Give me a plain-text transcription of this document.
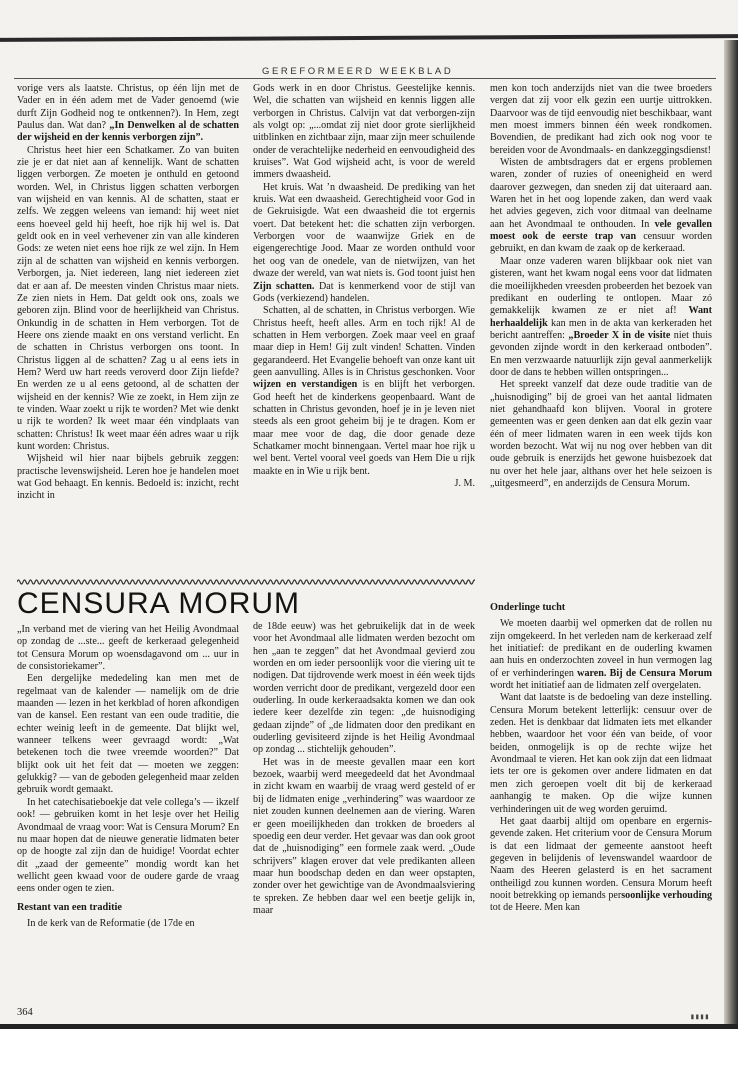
GEREFORMEERD WEEKBLAD

vorige vers als laatste. Christus, op één lijn met de Vader en in één adem met de Vader genoemd (wie durft Zijn Godheid nog te ontkennen?). In Hem, zegt Paulus dan. Wat dan? „In Denwelken al de schatten der wijsheid en der kennis verborgen zijn”.

Christus heet hier een Schatkamer. Zo van buiten zie je er dat niet aan af kennelijk. Want de schatten liggen verborgen. Ze moeten je onthuld en getoond worden. Wel, in Christus liggen schatten verborgen van wijsheid en van kennis. Al de schatten, staat er zelfs. We zeggen weleens van iemand: hij weet niet eens hoeveel geld hij heeft, hoe rijk hij wel is. Dat geldt ook en in veel verhevener zin van alle kinderen Gods: ze weten niet eens hoe rijk ze wel zijn. In Hem zijn al de schatten van wijsheid en kennis verborgen. Verborgen, ja. Niet iedereen, lang niet iedereen ziet dat er aan af. De meesten vinden Christus maar niets. Ze zien niets in Hem. Dat geldt ook ons, zoals we geboren zijn. Blind voor de heerlijkheid van Christus. Onkundig in de schatten in Hem verborgen. Tot de Heere ons ziende maakt en ons verstand verlicht. En de schatten in Christus verborgen ons toont. In Christus liggen al de schatten? Zag u al eens iets in Hem? Werd uw hart reeds veroverd door Zijn liefde? En werden ze u al eens getoond, al de schatten der wijsheid en der kennis? Wie ze zoekt, in Hem zijn ze te vinden. Waar zoekt u rijk te worden? Met wie denkt u rijk te worden? Ik weet maar één vindplaats van schatten: Christus! Ik weet maar één adres waar u rijk kunt worden: Christus.

Wijsheid wil hier naar bijbels gebruik zeggen: practische levenswijsheid. Leren hoe je handelen moet wat God behaagt. En kennis. Bedoeld is: inzicht, recht inzicht in

Gods werk in en door Christus. Geestelijke kennis. Wel, die schatten van wijsheid en kennis liggen alle verborgen in Christus. Calvijn vat dat verborgen-zijn als volgt op: „...omdat zij niet door grote sierlijkheid uitblinken en zichtbaar zijn, maar zijn meer schuilende onder de verachtelijke nederheid en eenvoudigheid des kruises”. Wat God wijsheid acht, is voor de wereld immers dwaasheid.

Het kruis. Wat ’n dwaasheid. De prediking van het kruis. Wat een dwaasheid. Gerechtigheid voor God in de Gekruisigde. Wat een dwaasheid die tot ergernis voert. Dat betekent het: die schatten zijn verborgen. Verborgen voor de waanwijze Griek en de eigengerechtige Jood. Maar ze worden onthuld voor het oog van de onedele, van de nietwijzen, van het dwaze der wereld, van wat niets is. God toont juist hen Zijn schatten. Dat is kenmerkend voor de stijl van Gods (verkiezend) handelen.

Schatten, al de schatten, in Christus verborgen. Wie Christus heeft, heeft alles. Arm en toch rijk! Al de schatten in Hem verborgen. Zoek maar veel en graaf maar diep in Hem! Gij zult vinden! Schatten. Vinden gegarandeerd. Het Evangelie behoeft van onze kant uit geen aanvulling. Alles is in Christus geschonken. Voor wijzen en verstandigen is en blijft het verborgen. God heeft het de kinderkens geopenbaard. Want de schatten in Christus gevonden, hoef je in je leven niet steeds als een groot geheim bij je te dragen. Kom er maar mee voor de dag, die door genade deze Schatkamer mocht binnengaan. Vertel maar hoe rijk u wel bent. Vertel vooral veel goeds van Hem Die u rijk maakte en in Wie u rijk bent.

J. M.

men kon toch anderzijds niet van die twee broeders vergen dat zij voor elk gezin een uurtje uittrokken. Daarvoor was de tijd eenvoudig niet beschikbaar, want men moest immers binnen één week rondkomen. Bovendien, de predikant had zich ook nog voor te bereiden voor de Avondmaals- en dankzeggingsdienst!

Wisten de ambtsdragers dat er ergens problemen waren, zonder of ruzies of oneenigheid en werd daarover gezwegen, dan sneden zij dat uiteraard aan. Waren het in het oog lopende zaken, dan werd vaak het advies gegeven, zich voor ditmaal van deelname aan het Avondmaal te onthouden. In vele gevallen moest ook de eerste trap van censuur worden gebruikt, en dan kwam de zaak op de kerkeraad.

Maar onze vaderen waren blijkbaar ook niet van gisteren, want het kwam nogal eens voor dat lidmaten die moeilijkheden vreesden probeerden het bezoek van predikant en ouderling te ontlopen. Maar zó gemakkelijk kwamen ze er niet af! Want herhaaldelijk kan men in de akta van kerkeraden het bericht aantreffen: „Broeder X in de visite niet thuis gevonden zijnde wordt in den kerkeraad ontboden”. En men verzwaarde natuurlijk zijn geval aanmerkelijk door de dans te hebben willen ontspringen...

Het spreekt vanzelf dat deze oude traditie van de „huisnodiging” bij de groei van het aantal lidmaten niet gehandhaafd kon blijven. Vooral in grotere gemeenten was er geen denken aan dat elk gezin vaar één of meer lidmaten waren in een week tijds kon worden bezocht. Wat wij nu nog over hebben van dit oude gebruik is enerzijds het gewone huisbezoek dat nu over het hele jaar, althans over het hele seizoen is „uitgesmeerd”, en anderzijds de Censura Morum.

CENSURA MORUM

„In verband met de viering van het Heilig Avondmaal op zondag de ...ste... geeft de kerkeraad gelegenheid tot Censura Morum op woensdagavond om ... uur in de consistoriekamer”.

Een dergelijke mededeling kan men met de regelmaat van de kalender — namelijk om de drie maanden — lezen in het kerkblad of horen afkondigen van de kansel. Een restant van een oude traditie, die echter weinig leeft in de gemeente. Dat blijkt wel, wanneer telkens weer gevraagd wordt: „Wat betekenen toch die twee vreemde woorden?” Dat blijkt ook uit het feit dat — moeten we zeggen: gelukkig? — van de geboden gelegenheid maar zelden gebruik wordt gemaakt.

In het catechisatieboekje dat vele collega’s — ikzelf ook! — gebruiken komt in het lesje over het Heilig Avondmaal de vraag voor: Wat is Censura Morum? En nu maar hopen dat de nieuwe generatie lidmaten beter op de hoogte zal zijn dan de huidige! Voordat echter dit „zaad der gemeente” mondig wordt kan het wellicht geen kwaad voor de oudere garde de vraag eens onder ogen te zien.

Restant van een traditie

In de kerk van de Reformatie (de 17de en

de 18de eeuw) was het gebruikelijk dat in de week voor het Avondmaal alle lidmaten werden bezocht om hen „aan te zeggen” dat het Avondmaal gevierd zou worden en om ieder persoonlijk voor die viering uit te nodigen. Dat tijdrovende werk moest in één week tijds worden verricht door de predikant, vergezeld door een ouderling. In oude kerkeraadsakta komen we dan ook iedere keer dezelfde zin tegen: „de huisnodiging gedaan zijnde” of „de lidmaten door den predikant en ouderling gevisiteerd zijnde is het Heilig Avondmaal op zondag ... stichtelijk gehouden”.

Het was in de meeste gevallen maar een kort bezoek, waarbij werd meegedeeld dat het Avondmaal in zicht kwam en waarbij de vraag werd gesteld of er bij de lidmaten enige „verhindering” was waardoor ze niet zouden kunnen deelnemen aan de viering. Waren er geen moeilijkheden dan trokken de broeders al spoedig een deur verder. Het gevaar was dan ook groot dat de „huisnodiging” een formele zaak werd. „Oude schrijvers” klagen erover dat vele predikanten alleen maar hun boodschap deden en dan weer opstapten, zonder over het gewichtige van de Avondmaalsviering te spreken. Ze hebben daar wel een beetje gelijk in, maar

Onderlinge tucht

We moeten daarbij wel opmerken dat de rollen nu zijn omgekeerd. In het verleden nam de kerkeraad zelf het initiatief: de predikant en de ouderling kwamen aan huis en onderzochten zoveel in hun vermogen lag of er verhinderingen waren. Bij de Censura Morum wordt het initiatief aan de lidmaten zelf overgelaten.

Want dat laatste is de bedoeling van deze instelling. Censura Morum betekent letterlijk: censuur over de zeden. Het is denkbaar dat lidmaten iets met elkander hebben, waardoor het voor één van beide, of voor beiden, onmogelijk is op de rechte wijze het Avondmaal te vieren. Het kan ook zijn dat een lidmaat iets ter ore is gekomen over andere lidmaten en dat men zich geroepen voelt dit bij de kerkeraad aanhangig te maken. Op die wijze kunnen verhinderingen uit de weg worden geruimd.

Het gaat daarbij altijd om openbare en ergernis-gevende zaken. Het criterium voor de Censura Morum is dat een lidmaat der gemeente aanstoot heeft gegeven in belijdenis of levenswandel waardoor de Naam des Heeren gelasterd is en het sacrament ontheiligd zou kunnen worden. Censura Morum heeft nooit betrekking op iemands persoonlijke verhouding tot de Heere. Men kan

364	▮▮▮▮
